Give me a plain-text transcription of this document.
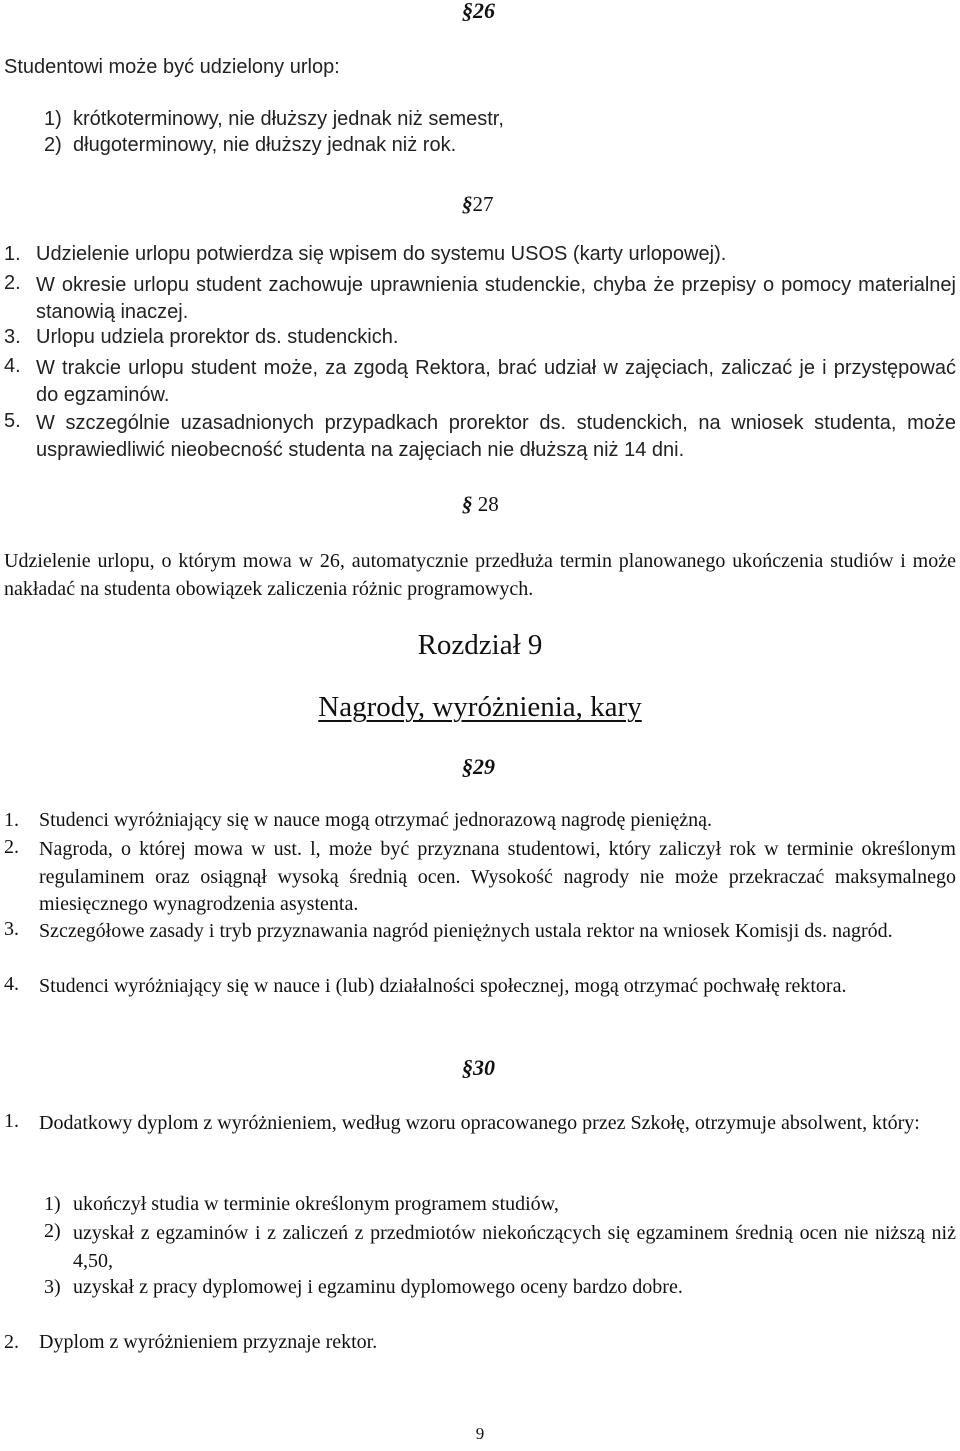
§26
Studentowi może być udzielony urlop:
1) krótkoterminowy, nie dłuższy jednak niż semestr,
2) długoterminowy, nie dłuższy jednak niż rok.
§27
1. Udzielenie urlopu potwierdza się wpisem do systemu USOS (karty urlopowej).
2. W okresie urlopu student zachowuje uprawnienia studenckie, chyba że przepisy o pomocy materialnej stanowią inaczej.
3. Urlopu udziela prorektor ds. studenckich.
4. W trakcie urlopu student może, za zgodą Rektora, brać udział w zajęciach, zaliczać je i przystępować do egzaminów.
5. W szczególnie uzasadnionych przypadkach prorektor ds. studenckich, na wniosek studenta, może usprawiedliwić nieobecność studenta na zajęciach nie dłuższą niż 14 dni.
§ 28
Udzielenie urlopu, o którym mowa w 26, automatycznie przedłuża termin planowanego ukończenia studiów i może nakładać na studenta obowiązek zaliczenia różnic programowych.
Rozdział 9
Nagrody, wyróżnienia, kary
§29
1. Studenci wyróżniający się w nauce mogą otrzymać jednorazową nagrodę pieniężną.
2. Nagroda, o której mowa w ust. l, może być przyznana studentowi, który zaliczył rok w terminie określonym regulaminem oraz osiągnął wysoką średnią ocen. Wysokość nagrody nie może przekraczać maksymalnego miesięcznego wynagrodzenia asystenta.
3. Szczegółowe zasady i tryb przyznawania nagród pieniężnych ustala rektor na wniosek Komisji ds. nagród.
4. Studenci wyróżniający się w nauce i (lub) działalności społecznej, mogą otrzymać pochwałę rektora.
§30
1. Dodatkowy dyplom z wyróżnieniem, według wzoru opracowanego przez Szkołę, otrzymuje absolwent, który:
1) ukończył studia w terminie określonym programem studiów,
2) uzyskał z egzaminów i z zaliczeń z przedmiotów niekończących się egzaminem średnią ocen nie niższą niż 4,50,
3) uzyskał z pracy dyplomowej i egzaminu dyplomowego oceny bardzo dobre.
2. Dyplom z wyróżnieniem przyznaje rektor.
9
